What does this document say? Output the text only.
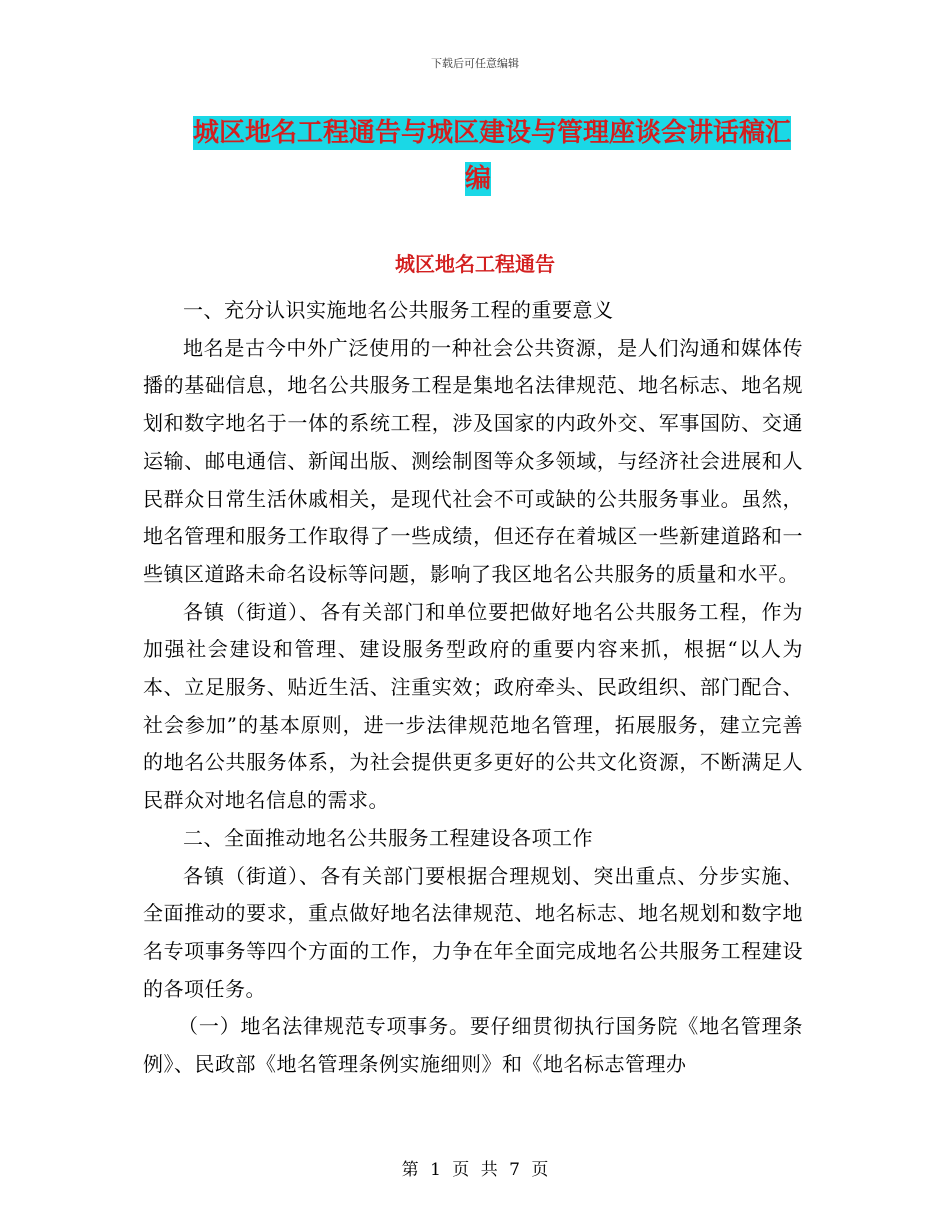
下载后可任意编辑
城区地名工程通告与城区建设与管理座谈会讲话稿汇
编
城区地名工程通告

一、充分认识实施地名公共服务工程的重要意义

地名是古今中外广泛使用的一种社会公共资源，是人们沟通和媒体传播的基础信息，地名公共服务工程是集地名法律规范、地名标志、地名规划和数字地名于一体的系统工程，涉及国家的内政外交、军事国防、交通运输、邮电通信、新闻出版、测绘制图等众多领域，与经济社会进展和人民群众日常生活休戚相关，是现代社会不可或缺的公共服务事业。虽然，地名管理和服务工作取得了一些成绩，但还存在着城区一些新建道路和一些镇区道路未命名设标等问题，影响了我区地名公共服务的质量和水平。

各镇（街道）、各有关部门和单位要把做好地名公共服务工程，作为加强社会建设和管理、建设服务型政府的重要内容来抓，根据“以人为本、立足服务、贴近生活、注重实效；政府牵头、民政组织、部门配合、社会参加”的基本原则，进一步法律规范地名管理，拓展服务，建立完善的地名公共服务体系，为社会提供更多更好的公共文化资源，不断满足人民群众对地名信息的需求。

二、全面推动地名公共服务工程建设各项工作

各镇（街道）、各有关部门要根据合理规划、突出重点、分步实施、全面推动的要求，重点做好地名法律规范、地名标志、地名规划和数字地名专项事务等四个方面的工作，力争在年全面完成地名公共服务工程建设的各项任务。

（一）地名法律规范专项事务。要仔细贯彻执行国务院《地名管理条例》、民政部《地名管理条例实施细则》和《地名标志管理办

第 1 页 共 7 页
